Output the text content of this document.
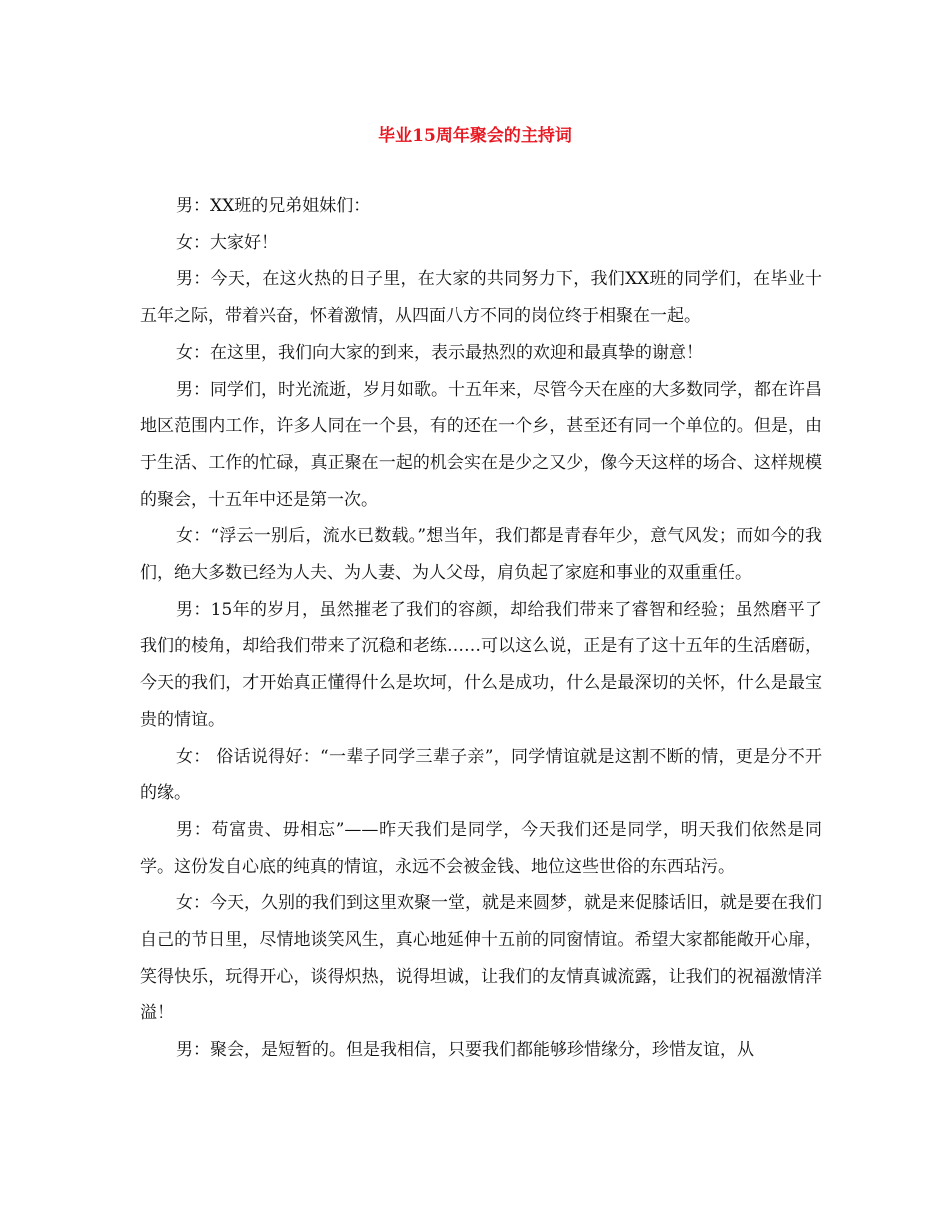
毕业15周年聚会的主持词

男：XX班的兄弟姐妹们：

女：大家好！

男：今天，在这火热的日子里，在大家的共同努力下，我们XX班的同学们，在毕业十五年之际，带着兴奋，怀着激情，从四面八方不同的岗位终于相聚在一起。

女：在这里，我们向大家的到来，表示最热烈的欢迎和最真挚的谢意！

男：同学们，时光流逝，岁月如歌。十五年来，尽管今天在座的大多数同学，都在许昌地区范围内工作，许多人同在一个县，有的还在一个乡，甚至还有同一个单位的。但是，由于生活、工作的忙碌，真正聚在一起的机会实在是少之又少，像今天这样的场合、这样规模的聚会，十五年中还是第一次。

女：“浮云一别后，流水已数载。”想当年，我们都是青春年少，意气风发；而如今的我们，绝大多数已经为人夫、为人妻、为人父母，肩负起了家庭和事业的双重重任。

男：15年的岁月，虽然摧老了我们的容颜，却给我们带来了睿智和经验；虽然磨平了我们的棱角，却给我们带来了沉稳和老练……可以这么说，正是有了这十五年的生活磨砺，今天的我们，才开始真正懂得什么是坎坷，什么是成功，什么是最深切的关怀，什么是最宝贵的情谊。

女： 俗话说得好：“一辈子同学三辈子亲”，同学情谊就是这割不断的情，更是分不开的缘。

男：苟富贵、毋相忘”——昨天我们是同学，今天我们还是同学，明天我们依然是同学。这份发自心底的纯真的情谊，永远不会被金钱、地位这些世俗的东西玷污。

女：今天，久别的我们到这里欢聚一堂，就是来圆梦，就是来促膝话旧，就是要在我们自己的节日里，尽情地谈笑风生，真心地延伸十五前的同窗情谊。希望大家都能敞开心扉，笑得快乐，玩得开心，谈得炽热，说得坦诚，让我们的友情真诚流露，让我们的祝福激情洋溢！

男：聚会，是短暂的。但是我相信，只要我们都能够珍惜缘分，珍惜友谊，从
